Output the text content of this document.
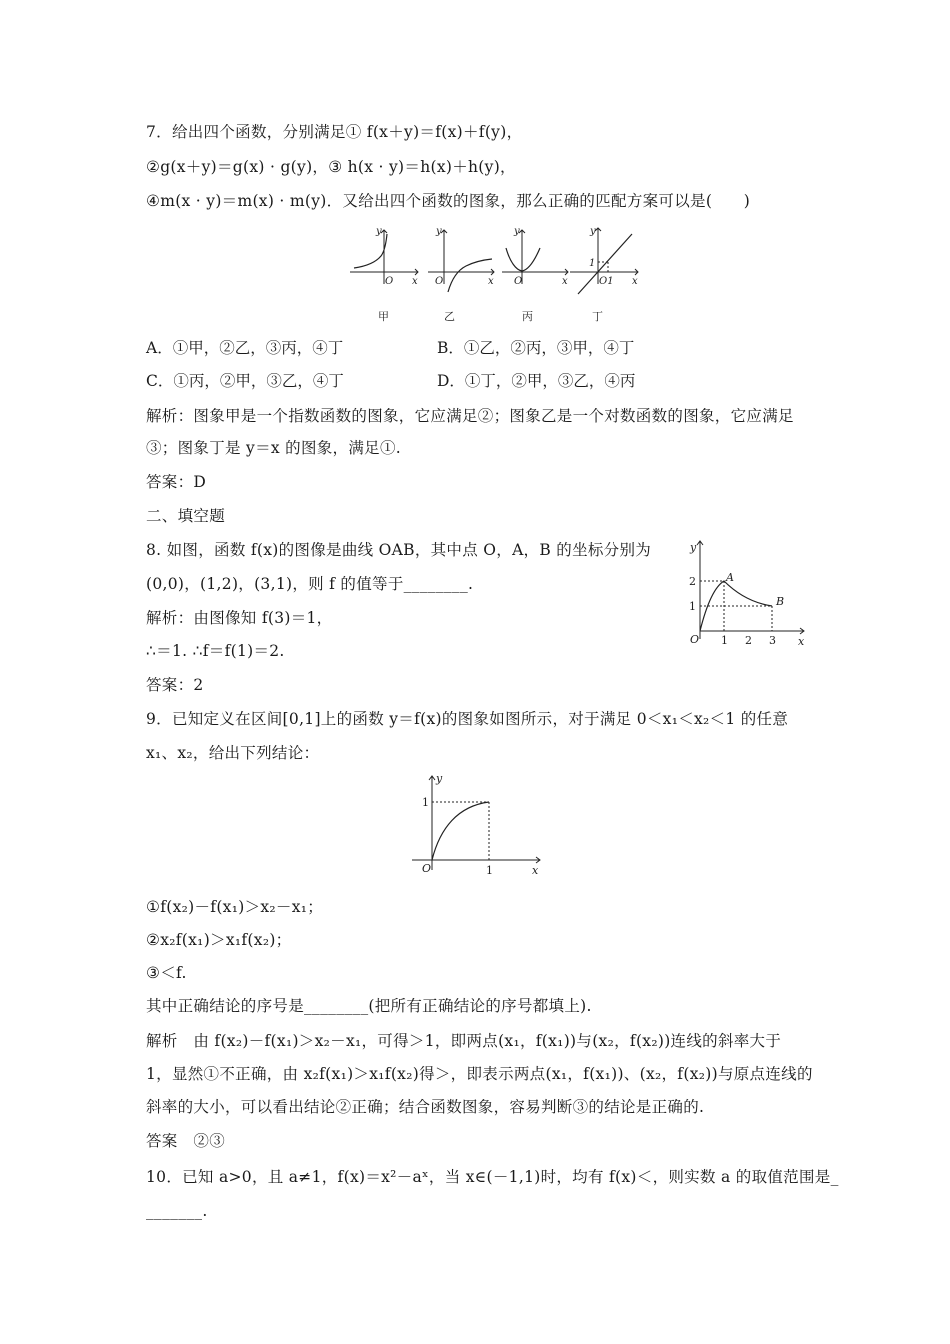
7．给出四个函数，分别满足① f(x＋y)＝f(x)＋f(y)，
②g(x＋y)＝g(x) · g(y)，③ h(x · y)＝h(x)＋h(y)，
④m(x · y)＝m(x) · m(y)．又给出四个函数的图象，那么正确的匹配方案可以是(　　)
y
x
O
y
x
O
y
x
O
y
x
1
O1
甲	乙	丙	丁
A．①甲，②乙，③丙，④丁	B．①乙，②丙，③甲，④丁
C．①丙，②甲，③乙，④丁	D．①丁，②甲，③乙，④丙
解析：图象甲是一个指数函数的图象，它应满足②；图象乙是一个对数函数的图象，它应满足
③；图象丁是 y＝x 的图象，满足①.
答案：D
二、填空题
8. 如图，函数 f(x)的图像是曲线 OAB，其中点 O，A，B 的坐标分别为
(0,0)，(1,2)，(3,1)，则 f 的值等于________.
解析：由图像知 f(3)＝1，
∴＝1. ∴f＝f(1)＝2.
答案：2
y
x
O
2
1
1 2 3
A
B
9．已知定义在区间[0,1]上的函数 y＝f(x)的图象如图所示，对于满足 0＜x₁＜x₂＜1 的任意
x₁、x₂，给出下列结论：
y
x
O
1
1
①f(x₂)－f(x₁)＞x₂－x₁；
②x₂f(x₁)＞x₁f(x₂)；
③＜f.
其中正确结论的序号是________(把所有正确结论的序号都填上).
解析　由 f(x₂)－f(x₁)＞x₂－x₁，可得＞1，即两点(x₁，f(x₁))与(x₂，f(x₂))连线的斜率大于
1，显然①不正确，由 x₂f(x₁)＞x₁f(x₂)得＞，即表示两点(x₁，f(x₁))、(x₂，f(x₂))与原点连线的
斜率的大小，可以看出结论②正确；结合函数图象，容易判断③的结论是正确的.
答案　②③
10．已知 a>0，且 a≠1，f(x)＝x²－aˣ，当 x∈(－1,1)时，均有 f(x)＜，则实数 a 的取值范围是_
_______.
